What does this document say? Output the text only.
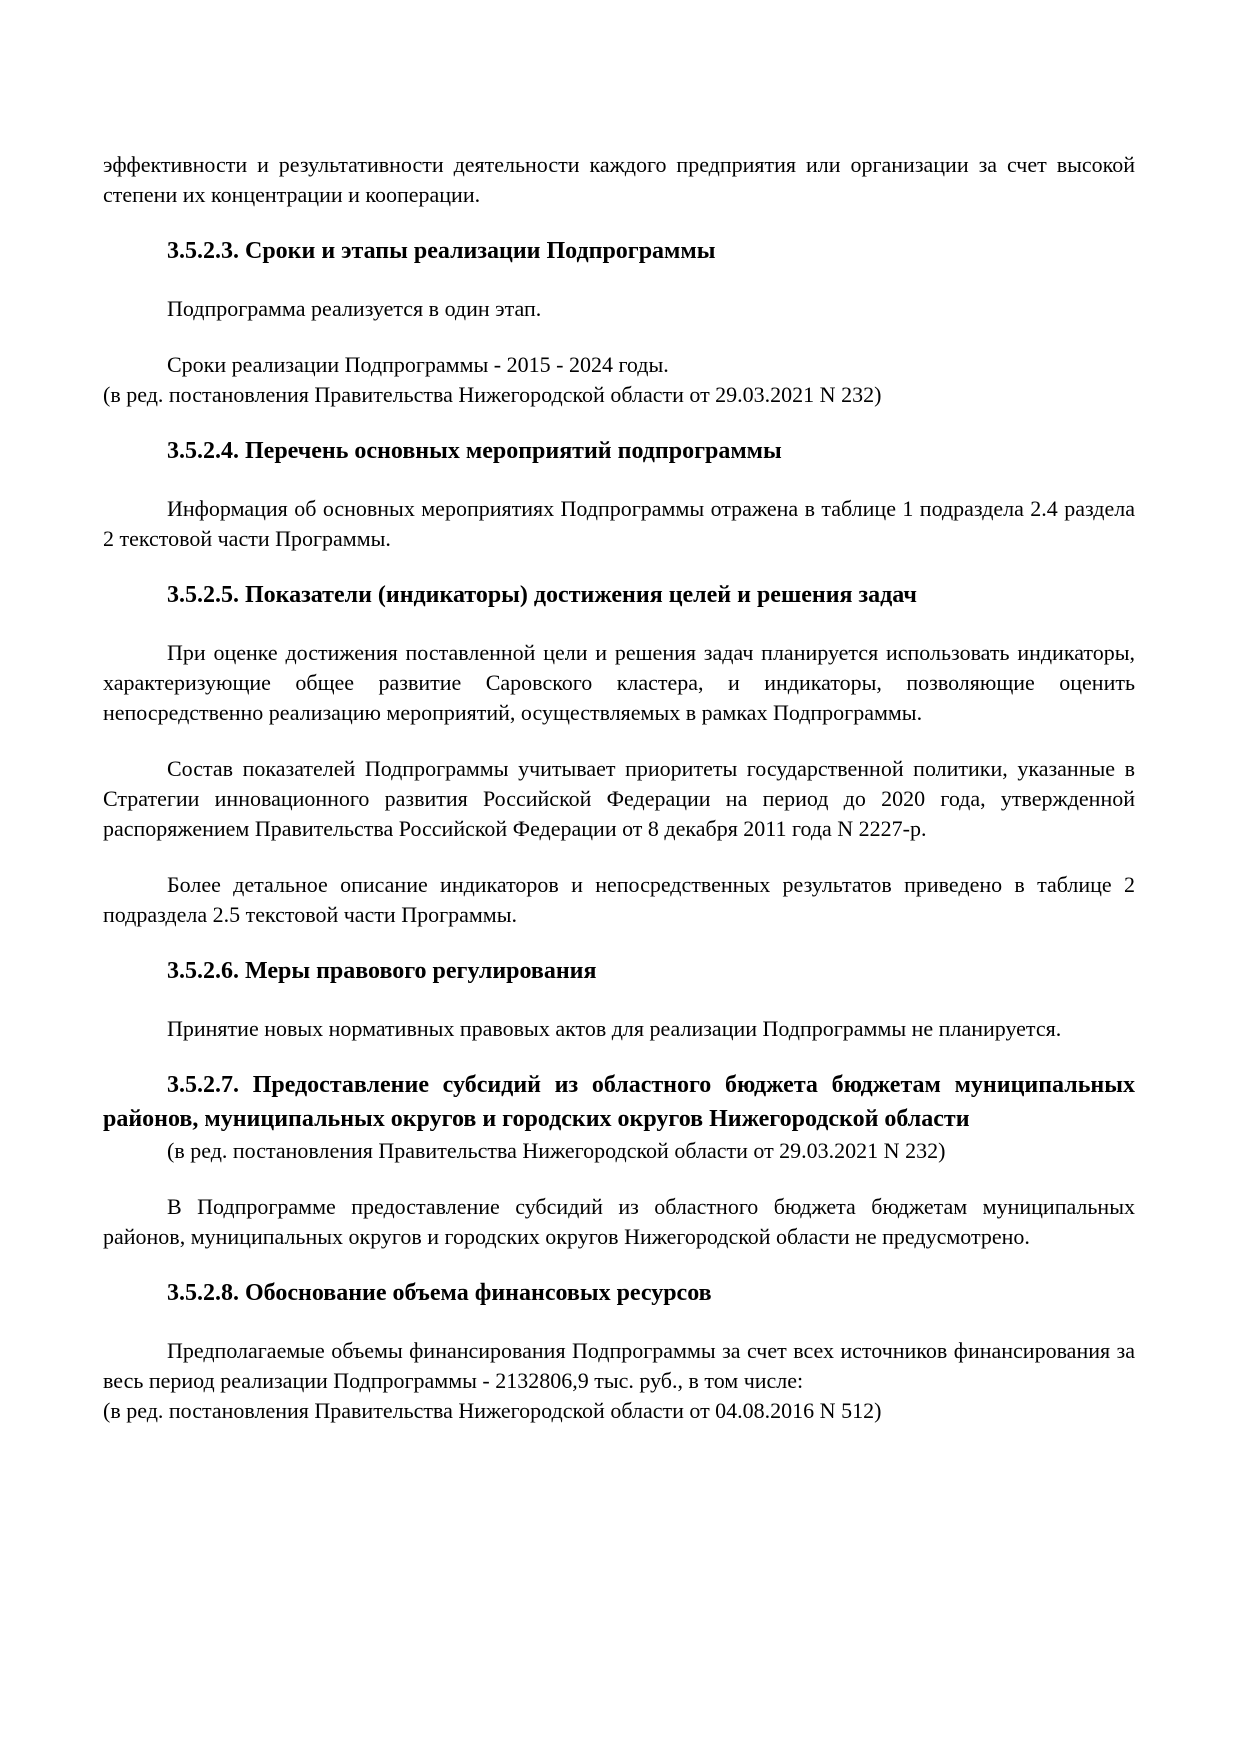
эффективности и результативности деятельности каждого предприятия или организации за счет высокой степени их концентрации и кооперации.

3.5.2.3. Сроки и этапы реализации Подпрограммы

Подпрограмма реализуется в один этап.

Сроки реализации Подпрограммы - 2015 - 2024 годы.

(в ред. постановления Правительства Нижегородской области от 29.03.2021 N 232)

3.5.2.4. Перечень основных мероприятий подпрограммы

Информация об основных мероприятиях Подпрограммы отражена в таблице 1 подраздела 2.4 раздела 2 текстовой части Программы.

3.5.2.5. Показатели (индикаторы) достижения целей и решения задач

При оценке достижения поставленной цели и решения задач планируется использовать индикаторы, характеризующие общее развитие Саровского кластера, и индикаторы, позволяющие оценить непосредственно реализацию мероприятий, осуществляемых в рамках Подпрограммы.

Состав показателей Подпрограммы учитывает приоритеты государственной политики, указанные в Стратегии инновационного развития Российской Федерации на период до 2020 года, утвержденной распоряжением Правительства Российской Федерации от 8 декабря 2011 года N 2227-р.

Более детальное описание индикаторов и непосредственных результатов приведено в таблице 2 подраздела 2.5 текстовой части Программы.

3.5.2.6. Меры правового регулирования

Принятие новых нормативных правовых актов для реализации Подпрограммы не планируется.

3.5.2.7. Предоставление субсидий из областного бюджета бюджетам муниципальных районов, муниципальных округов и городских округов Нижегородской области

(в ред. постановления Правительства Нижегородской области от 29.03.2021 N 232)

В Подпрограмме предоставление субсидий из областного бюджета бюджетам муниципальных районов, муниципальных округов и городских округов Нижегородской области не предусмотрено.

3.5.2.8. Обоснование объема финансовых ресурсов

Предполагаемые объемы финансирования Подпрограммы за счет всех источников финансирования за весь период реализации Подпрограммы - 2132806,9 тыс. руб., в том числе:

(в ред. постановления Правительства Нижегородской области от 04.08.2016 N 512)
